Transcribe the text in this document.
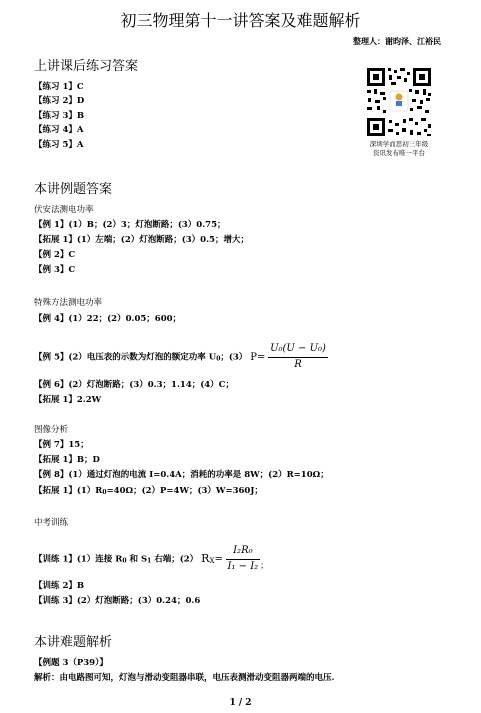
初三物理第十一讲答案及难题解析
整理人：谢昀泽、江裕民
深圳学而思初三年级
资讯发布唯一平台
上讲课后练习答案
【练习 1】C
【练习 2】D
【练习 3】B
【练习 4】A
【练习 5】A
本讲例题答案
伏安法测电功率
【例 1】(1）B；(2）3；灯泡断路；(3）0.75；
【拓展 1】(1）左端；(2）灯泡断路；(3）0.5；增大；
【例 2】C
【例 3】C
特殊方法测电功率
【例 4】(1）22；(2）0.05；600；
【例 5】(2）电压表的示数为灯泡的额定功率 U0；(3） $P= \frac{\text{U₀(U − U₀)}}{R}$
【例 6】(2）灯泡断路；(3）0.3；1.14；(4）C；
【拓展 1】2.2W
图像分析
【例 7】15；
【拓展 1】B；D
【例 8】(1）通过灯泡的电流 I=0.4A；消耗的功率是 8W；(2）R=10Ω；
【拓展 1】(1）R0=40Ω；(2）P=4W；(3）W=360J；
中考训练
【训练 1】(1）连接 R0 和 S1 右端；(2） $RX= \frac{\text{I₂R₀}}{\text{I₁ − I₂}}$ ；
【训练 2】B
【训练 3】(2）灯泡断路；(3）0.24；0.6
本讲难题解析
【例题 3（P39）】
解析：由电路图可知，灯泡与滑动变阻器串联，电压表测滑动变阻器两端的电压.
1 / 2
